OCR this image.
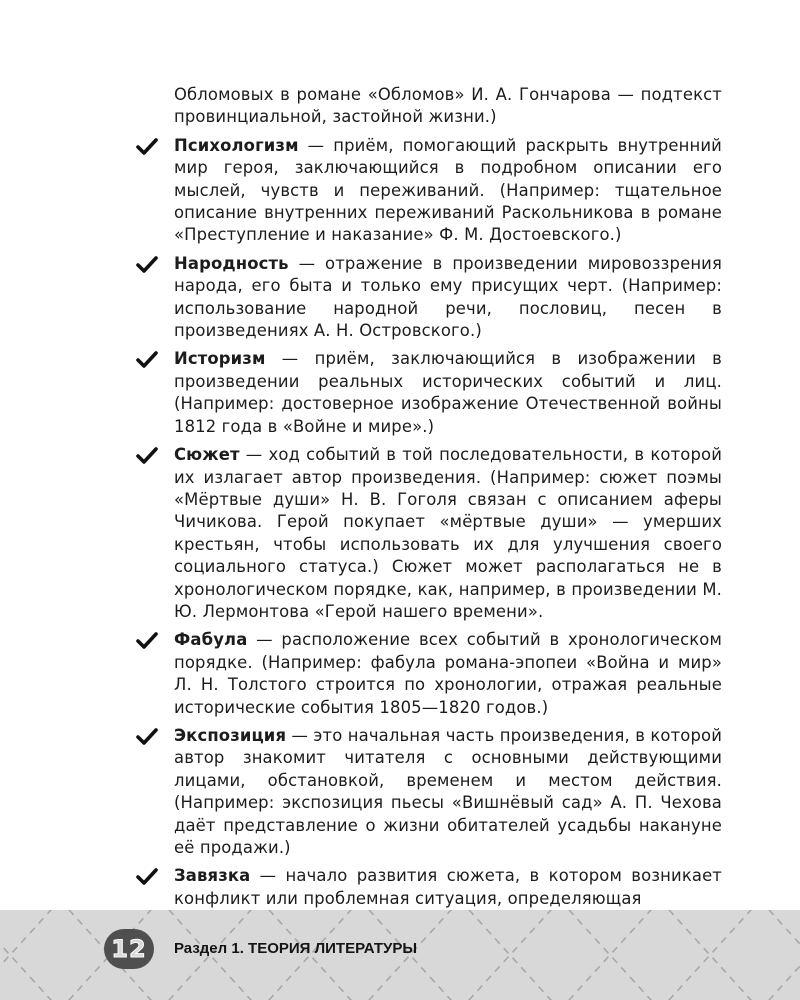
Обломовых в романе «Обломов» И. А. Гончарова — подтекст провинциальной, застойной жизни.)

Психологизм — приём, помогающий раскрыть внутренний мир героя, заключающийся в подробном описании его мыслей, чувств и переживаний. (Например: тщательное описание внутренних переживаний Раскольникова в романе «Преступление и наказание» Ф. М. Достоевского.)
Народность — отражение в произведении мировоззрения народа, его быта и только ему присущих черт. (Например: использование народной речи, пословиц, песен в произведениях А. Н. Островского.)
Историзм — приём, заключающийся в изображении в произведении реальных исторических событий и лиц. (Например: достоверное изображение Отечественной войны 1812 года в «Войне и мире».)
Сюжет — ход событий в той последовательности, в которой их излагает автор произведения. (Например: сюжет поэмы «Мёртвые души» Н. В. Гоголя связан с описанием аферы Чичикова. Герой покупает «мёртвые души» — умерших крестьян, чтобы использовать их для улучшения своего социального статуса.) Сюжет может располагаться не в хронологическом порядке, как, например, в произведении М. Ю. Лермонтова «Герой нашего времени».
Фабула — расположение всех событий в хронологическом порядке. (Например: фабула романа-эпопеи «Война и мир» Л. Н. Толстого строится по хронологии, отражая реальные исторические события 1805—1820 годов.)
Экспозиция — это начальная часть произведения, в которой автор знакомит читателя с основными действующими лицами, обстановкой, временем и местом действия. (Например: экспозиция пьесы «Вишнёвый сад» А. П. Чехова даёт представление о жизни обитателей усадьбы накануне её продажи.)
Завязка — начало развития сюжета, в котором возникает конфликт или проблемная ситуация, определяющая
12 Раздел 1. ТЕОРИЯ ЛИТЕРАТУРЫ
